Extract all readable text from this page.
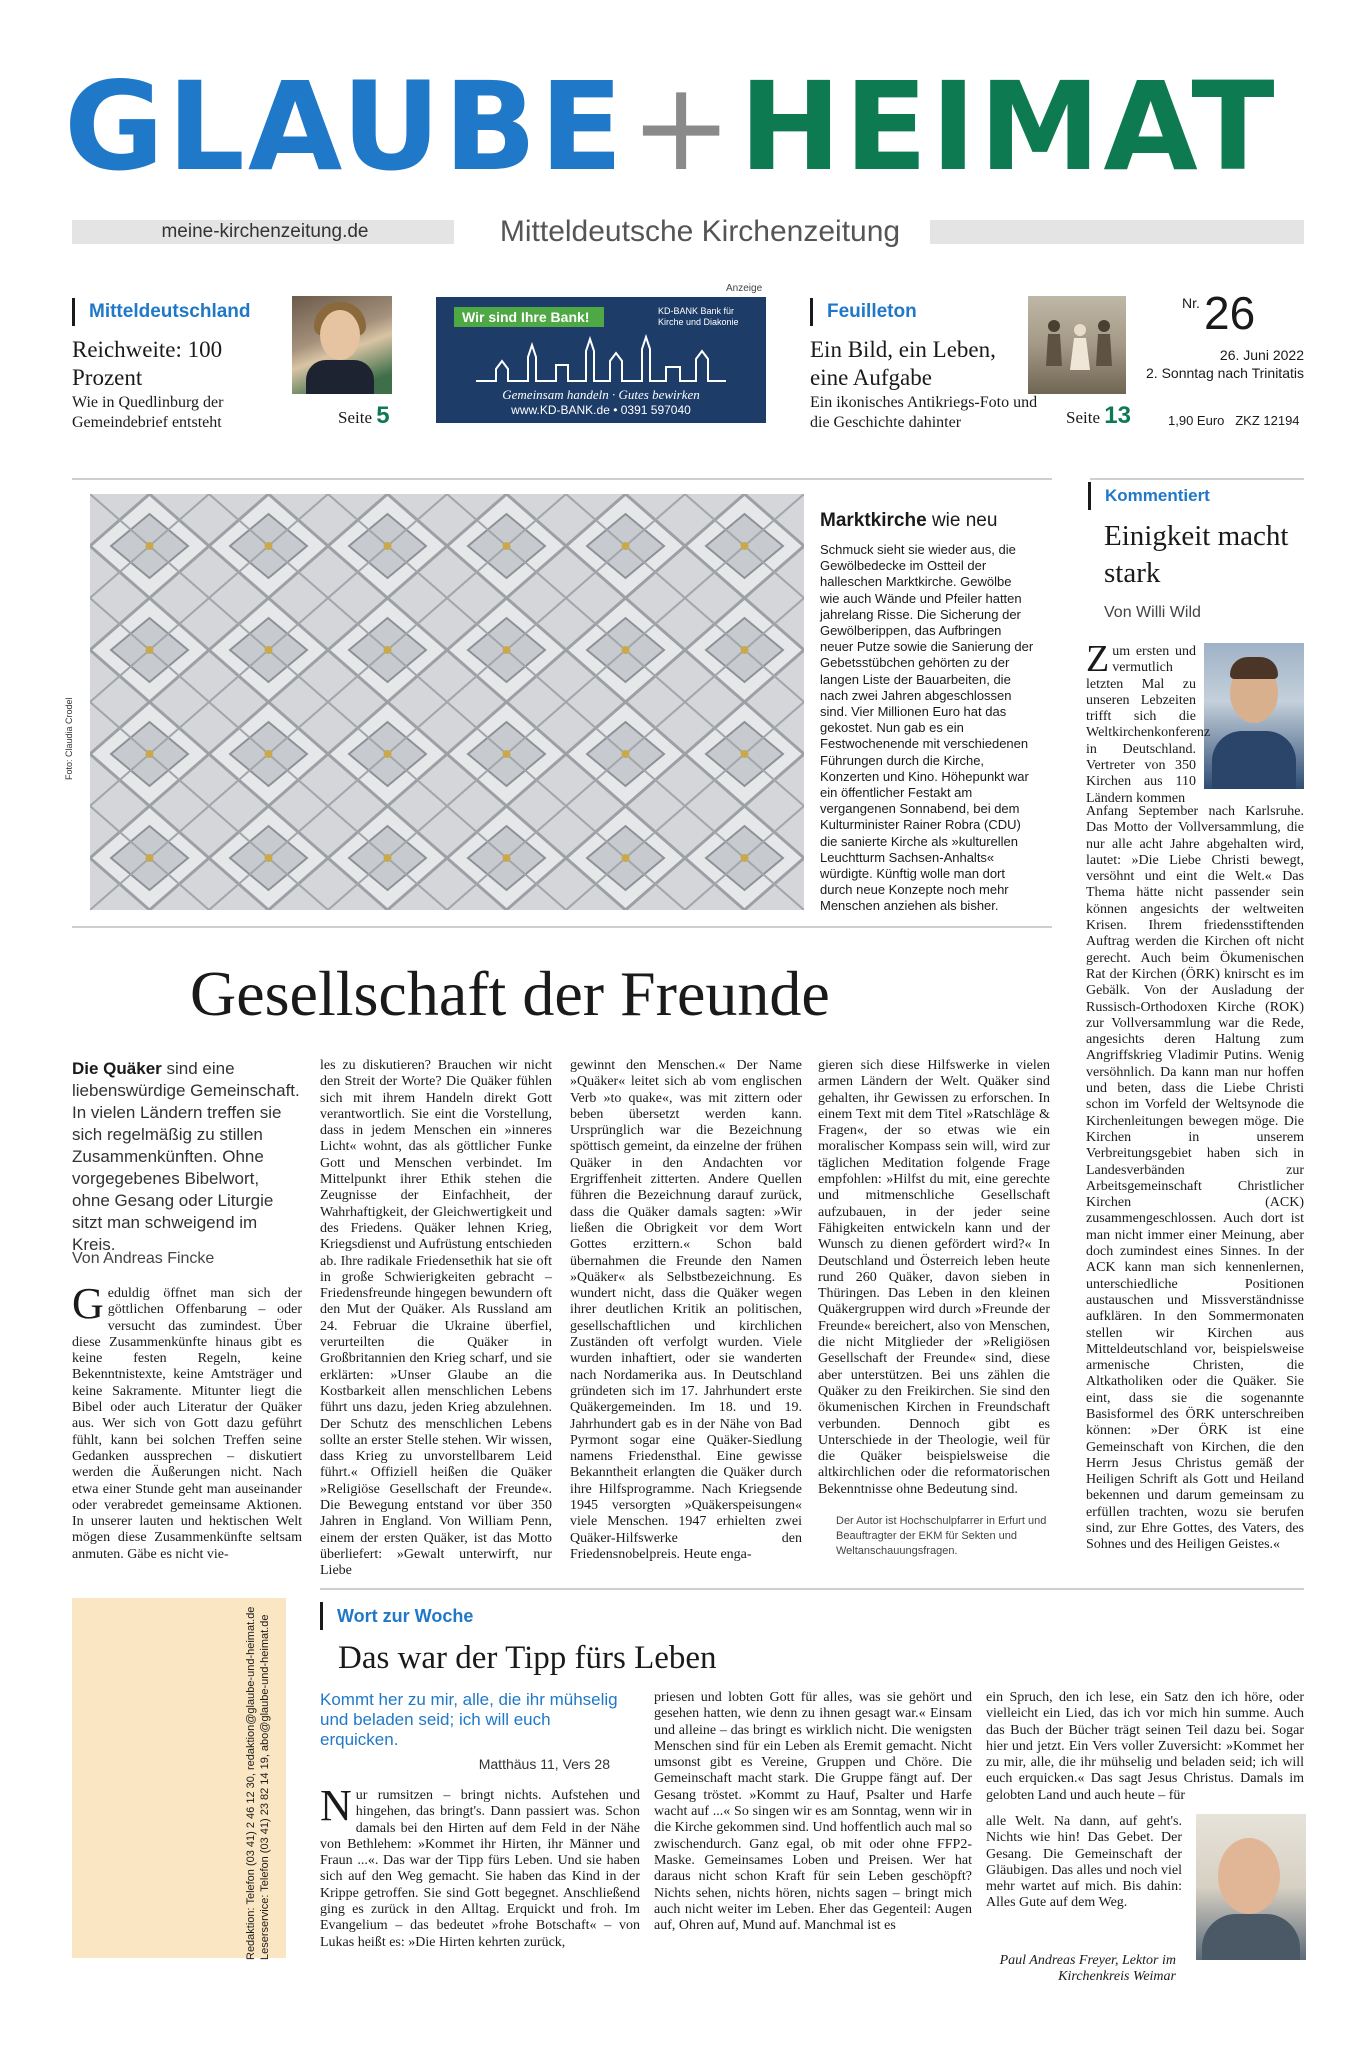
GLAUBE+HEIMAT
meine-kirchenzeitung.de	Mitteldeutsche Kirchenzeitung
Mitteldeutschland
Reichweite: 100 Prozent
Wie in Quedlinburg der Gemeindebrief entsteht	Seite 5
Anzeige
Wir sind Ihre Bank!	KD-BANK Bank für Kirche und Diakonie
Gemeinsam handeln · Gutes bewirken
www.KD-BANK.de • 0391 597040
Feuilleton
Ein Bild, ein Leben, eine Aufgabe
Ein ikonisches Antikriegs-Foto und die Geschichte dahinter	Seite 13
Nr. 26
26. Juni 2022
2. Sonntag nach Trinitatis
1,90 Euro ZKZ 12194
Foto: Claudia Crodel
Marktkirche wie neu
Schmuck sieht sie wieder aus, die Gewölbedecke im Ostteil der halleschen Marktkirche. Gewölbe wie auch Wände und Pfeiler hatten jahrelang Risse. Die Sicherung der Gewölberippen, das Aufbringen neuer Putze sowie die Sanierung der Gebetsstübchen gehörten zu der langen Liste der Bauarbeiten, die nach zwei Jahren abgeschlossen sind. Vier Millionen Euro hat das gekostet. Nun gab es ein Festwochenende mit verschiedenen Führungen durch die Kirche, Konzerten und Kino. Höhepunkt war ein öffentlicher Festakt am vergangenen Sonnabend, bei dem Kulturminister Rainer Robra (CDU) die sanierte Kirche als »kulturellen Leuchtturm Sachsen-Anhalts« würdigte. Künftig wolle man dort durch neue Konzepte noch mehr Menschen anziehen als bisher.
Kommentiert
Einigkeit macht stark
Von Willi Wild
Zum ersten und vermutlich letzten Mal zu unseren Lebzeiten trifft sich die Weltkirchenkonferenz in Deutschland. Vertreter von 350 Kirchen aus 110 Ländern kommen
Anfang September nach Karlsruhe. Das Motto der Vollversammlung, die nur alle acht Jahre abgehalten wird, lautet: »Die Liebe Christi bewegt, versöhnt und eint die Welt.« Das Thema hätte nicht passender sein können angesichts der weltweiten Krisen. Ihrem friedensstiftenden Auftrag werden die Kirchen oft nicht gerecht. Auch beim Ökumenischen Rat der Kirchen (ÖRK) knirscht es im Gebälk. Von der Ausladung der Russisch-Orthodoxen Kirche (ROK) zur Vollversammlung war die Rede, angesichts deren Haltung zum Angriffskrieg Vladimir Putins. Wenig versöhnlich. Da kann man nur hoffen und beten, dass die Liebe Christi schon im Vorfeld der Weltsynode die Kirchenleitungen bewegen möge. Die Kirchen in unserem Verbreitungsgebiet haben sich in Landesverbänden zur Arbeitsgemeinschaft Christlicher Kirchen (ACK) zusammengeschlossen. Auch dort ist man nicht immer einer Meinung, aber doch zumindest eines Sinnes. In der ACK kann man sich kennenlernen, unterschiedliche Positionen austauschen und Missverständnisse aufklären. In den Sommermonaten stellen wir Kirchen aus Mitteldeutschland vor, beispielsweise armenische Christen, die Altkatholiken oder die Quäker. Sie eint, dass sie die sogenannte Basisformel des ÖRK unterschreiben können: »Der ÖRK ist eine Gemeinschaft von Kirchen, die den Herrn Jesus Christus gemäß der Heiligen Schrift als Gott und Heiland bekennen und darum gemeinsam zu erfüllen trachten, wozu sie berufen sind, zur Ehre Gottes, des Vaters, des Sohnes und des Heiligen Geistes.«
Gesellschaft der Freunde
Die Quäker sind eine liebenswürdige Gemeinschaft. In vielen Ländern treffen sie sich regelmäßig zu stillen Zusammenkünften. Ohne vorgegebenes Bibelwort, ohne Gesang oder Liturgie sitzt man schweigend im Kreis.
Von Andreas Fincke
Geduldig öffnet man sich der göttlichen Offenbarung – oder versucht das zumindest. Über diese Zusammenkünfte hinaus gibt es keine festen Regeln, keine Bekenntnistexte, keine Amtsträger und keine Sakramente. Mitunter liegt die Bibel oder auch Literatur der Quäker aus. Wer sich von Gott dazu geführt fühlt, kann bei solchen Treffen seine Gedanken aussprechen – diskutiert werden die Äußerungen nicht. Nach etwa einer Stunde geht man auseinander oder verabredet gemeinsame Aktionen. In unserer lauten und hektischen Welt mögen diese Zusammenkünfte seltsam anmuten. Gäbe es nicht vie-
les zu diskutieren? Brauchen wir nicht den Streit der Worte? Die Quäker fühlen sich mit ihrem Handeln direkt Gott verantwortlich. Sie eint die Vorstellung, dass in jedem Menschen ein »inneres Licht« wohnt, das als göttlicher Funke Gott und Menschen verbindet. Im Mittelpunkt ihrer Ethik stehen die Zeugnisse der Einfachheit, der Wahrhaftigkeit, der Gleichwertigkeit und des Friedens. Quäker lehnen Krieg, Kriegsdienst und Aufrüstung entschieden ab. Ihre radikale Friedensethik hat sie oft in große Schwierigkeiten gebracht – Friedensfreunde hingegen bewundern oft den Mut der Quäker. Als Russland am 24. Februar die Ukraine überfiel, verurteilten die Quäker in Großbritannien den Krieg scharf, und sie erklärten: »Unser Glaube an die Kostbarkeit allen menschlichen Lebens führt uns dazu, jeden Krieg abzulehnen. Der Schutz des menschlichen Lebens sollte an erster Stelle stehen. Wir wissen, dass Krieg zu unvorstellbarem Leid führt.« Offiziell heißen die Quäker »Religiöse Gesellschaft der Freunde«. Die Bewegung entstand vor über 350 Jahren in England. Von William Penn, einem der ersten Quäker, ist das Motto überliefert: »Gewalt unterwirft, nur Liebe
gewinnt den Menschen.« Der Name »Quäker« leitet sich ab vom englischen Verb »to quake«, was mit zittern oder beben übersetzt werden kann. Ursprünglich war die Bezeichnung spöttisch gemeint, da einzelne der frühen Quäker in den Andachten vor Ergriffenheit zitterten. Andere Quellen führen die Bezeichnung darauf zurück, dass die Quäker damals sagten: »Wir ließen die Obrigkeit vor dem Wort Gottes erzittern.« Schon bald übernahmen die Freunde den Namen »Quäker« als Selbstbezeichnung. Es wundert nicht, dass die Quäker wegen ihrer deutlichen Kritik an politischen, gesellschaftlichen und kirchlichen Zuständen oft verfolgt wurden. Viele wurden inhaftiert, oder sie wanderten nach Nordamerika aus. In Deutschland gründeten sich im 17. Jahrhundert erste Quäkergemeinden. Im 18. und 19. Jahrhundert gab es in der Nähe von Bad Pyrmont sogar eine Quäker-Siedlung namens Friedensthal. Eine gewisse Bekanntheit erlangten die Quäker durch ihre Hilfsprogramme. Nach Kriegsende 1945 versorgten »Quäkerspeisungen« viele Menschen. 1947 erhielten zwei Quäker-Hilfswerke den Friedensnobelpreis. Heute enga-
gieren sich diese Hilfswerke in vielen armen Ländern der Welt. Quäker sind gehalten, ihr Gewissen zu erforschen. In einem Text mit dem Titel »Ratschläge & Fragen«, der so etwas wie ein moralischer Kompass sein will, wird zur täglichen Meditation folgende Frage empfohlen: »Hilfst du mit, eine gerechte und mitmenschliche Gesellschaft aufzubauen, in der jeder seine Fähigkeiten entwickeln kann und der Wunsch zu dienen gefördert wird?« In Deutschland und Österreich leben heute rund 260 Quäker, davon sieben in Thüringen. Das Leben in den kleinen Quäkergruppen wird durch »Freunde der Freunde« bereichert, also von Menschen, die nicht Mitglieder der »Religiösen Gesellschaft der Freunde« sind, diese aber unterstützen. Bei uns zählen die Quäker zu den Freikirchen. Sie sind den ökumenischen Kirchen in Freundschaft verbunden. Dennoch gibt es Unterschiede in der Theologie, weil für die Quäker beispielsweise die altkirchlichen oder die reformatorischen Bekenntnisse ohne Bedeutung sind.
Der Autor ist Hochschulpfarrer in Erfurt und Beauftragter der EKM für Sekten und Weltanschauungsfragen.
Redaktion: Telefon (03 41) 2 46 12 30, redaktion@glaube-und-heimat.de Leserservice: Telefon (03 41) 23 82 14 19, abo@glaube-und-heimat.de	Wort zur Woche
Das war der Tipp fürs Leben
Kommt her zu mir, alle, die ihr mühselig und beladen seid; ich will euch erquicken.
Matthäus 11, Vers 28
Nur rumsitzen – bringt nichts. Aufstehen und hingehen, das bringt's. Dann passiert was. Schon damals bei den Hirten auf dem Feld in der Nähe von Bethlehem: »Kommet ihr Hirten, ihr Männer und Fraun ...«. Das war der Tipp fürs Leben. Und sie haben sich auf den Weg gemacht. Sie haben das Kind in der Krippe getroffen. Sie sind Gott begegnet. Anschließend ging es zurück in den Alltag. Erquickt und froh. Im Evangelium – das bedeutet »frohe Botschaft« – von Lukas heißt es: »Die Hirten kehrten zurück,
priesen und lobten Gott für alles, was sie gehört und gesehen hatten, wie denn zu ihnen gesagt war.« Einsam und alleine – das bringt es wirklich nicht. Die wenigsten Menschen sind für ein Leben als Eremit gemacht. Nicht umsonst gibt es Vereine, Gruppen und Chöre. Die Gemeinschaft macht stark. Die Gruppe fängt auf. Der Gesang tröstet. »Kommt zu Hauf, Psalter und Harfe wacht auf ...« So singen wir es am Sonntag, wenn wir in die Kirche gekommen sind. Und hoffentlich auch mal so zwischendurch. Ganz egal, ob mit oder ohne FFP2-Maske. Gemeinsames Loben und Preisen. Wer hat daraus nicht schon Kraft für sein Leben geschöpft? Nichts sehen, nichts hören, nichts sagen – bringt mich auch nicht weiter im Leben. Eher das Gegenteil: Augen auf, Ohren auf, Mund auf. Manchmal ist es
ein Spruch, den ich lese, ein Satz den ich höre, oder vielleicht ein Lied, das ich vor mich hin summe. Auch das Buch der Bücher trägt seinen Teil dazu bei. Sogar hier und jetzt. Ein Vers voller Zuversicht: »Kommet her zu mir, alle, die ihr mühselig und beladen seid; ich will euch erquicken.« Das sagt Jesus Christus. Damals im gelobten Land und auch heute – für
alle Welt. Na dann, auf geht's. Nichts wie hin! Das Gebet. Der Gesang. Die Gemeinschaft der Gläubigen. Das alles und noch viel mehr wartet auf mich. Bis dahin: Alles Gute auf dem Weg.
Paul Andreas Freyer, Lektor im Kirchenkreis Weimar
